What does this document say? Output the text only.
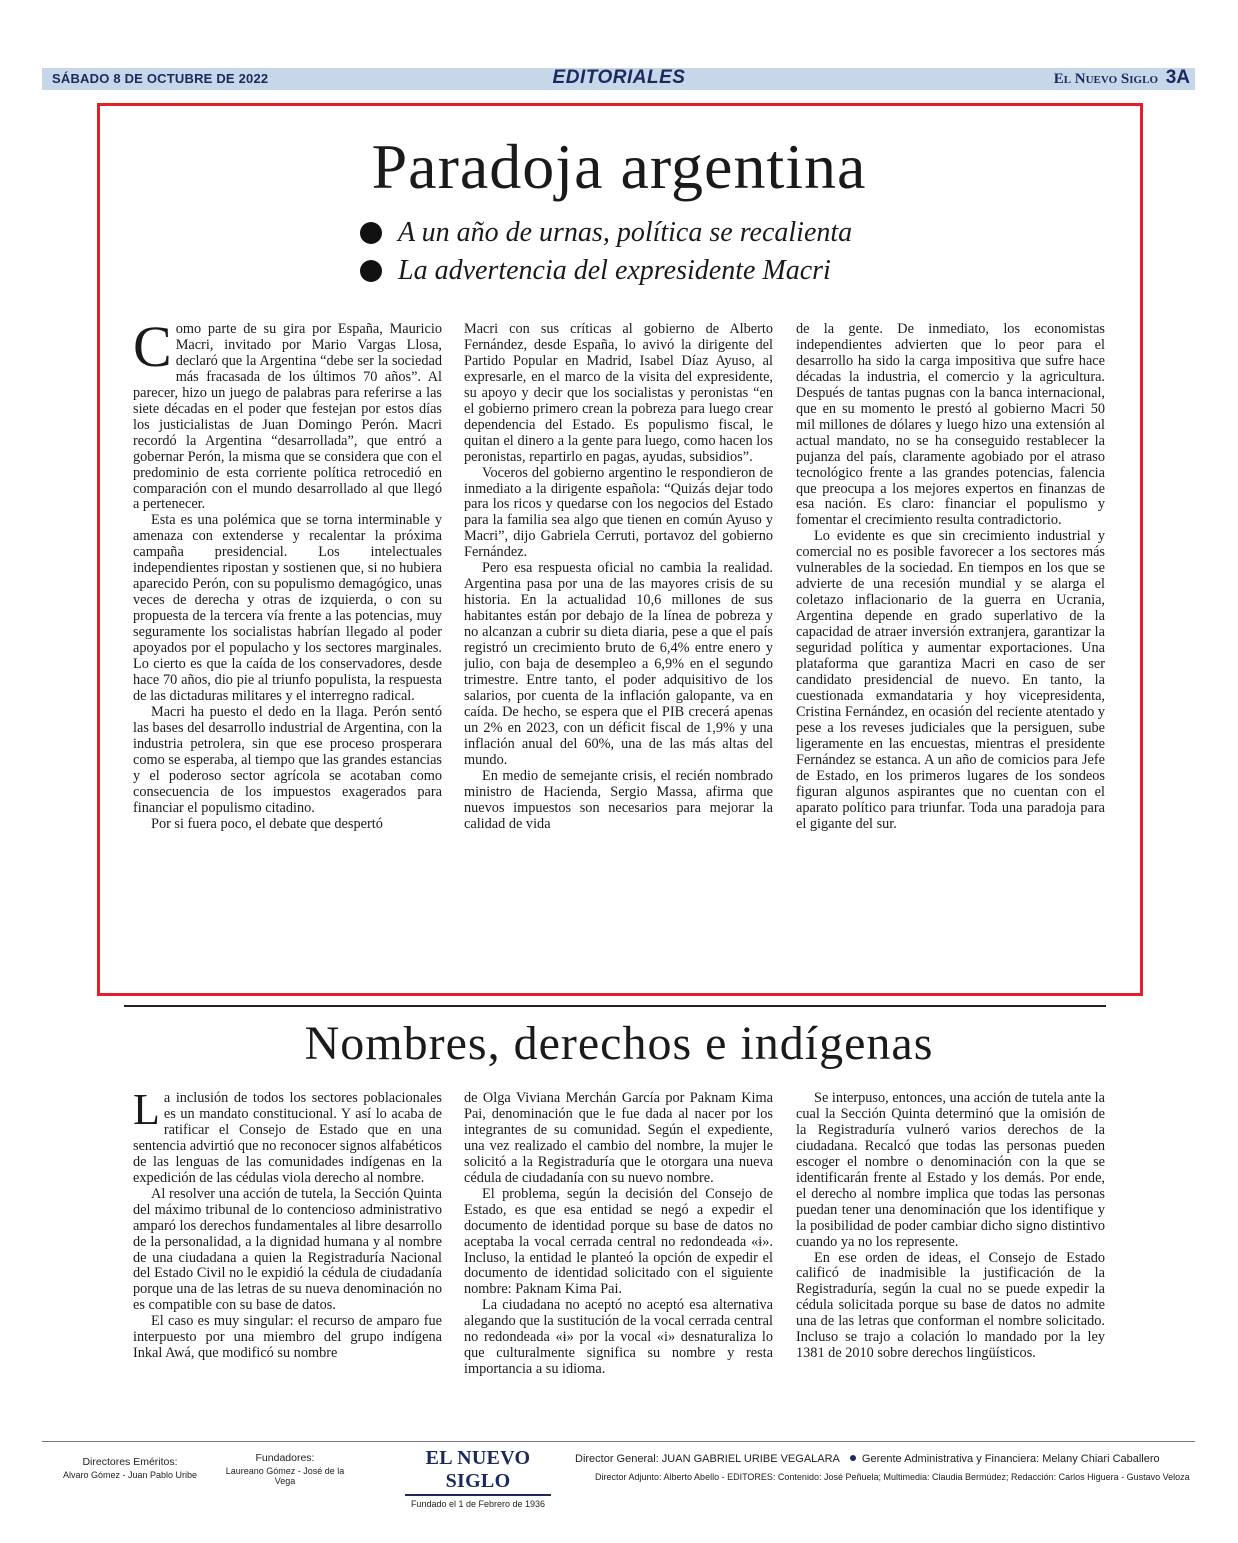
SÁBADO 8 DE OCTUBRE DE 2022	EDITORIALES	El Nuevo Siglo 3A
Paradoja argentina
A un año de urnas, política se recalienta
La advertencia del expresidente Macri

Como parte de su gira por España, Mauricio Macri, invitado por Mario Vargas Llosa, declaró que la Argentina “debe ser la sociedad más fracasada de los últimos 70 años”. Al parecer, hizo un juego de palabras para referirse a las siete décadas en el poder que festejan por estos días los justicialistas de Juan Domingo Perón. Macri recordó la Argentina “desarrollada”, que entró a gobernar Perón, la misma que se considera que con el predominio de esta corriente política retrocedió en comparación con el mundo desarrollado al que llegó a pertenecer.

Esta es una polémica que se torna interminable y amenaza con extenderse y recalentar la próxima campaña presidencial. Los intelectuales independientes ripostan y sostienen que, si no hubiera aparecido Perón, con su populismo demagógico, unas veces de derecha y otras de izquierda, o con su propuesta de la tercera vía frente a las potencias, muy seguramente los socialistas habrían llegado al poder apoyados por el populacho y los sectores marginales. Lo cierto es que la caída de los conservadores, desde hace 70 años, dio pie al triunfo populista, la respuesta de las dictaduras militares y el interregno radical.

Macri ha puesto el dedo en la llaga. Perón sentó las bases del desarrollo industrial de Argentina, con la industria petrolera, sin que ese proceso prosperara como se esperaba, al tiempo que las grandes estancias y el poderoso sector agrícola se acotaban como consecuencia de los impuestos exagerados para financiar el populismo citadino.

Por si fuera poco, el debate que despertó

Macri con sus críticas al gobierno de Alberto Fernández, desde España, lo avivó la dirigente del Partido Popular en Madrid, Isabel Díaz Ayuso, al expresarle, en el marco de la visita del expresidente, su apoyo y decir que los socialistas y peronistas “en el gobierno primero crean la pobreza para luego crear dependencia del Estado. Es populismo fiscal, le quitan el dinero a la gente para luego, como hacen los peronistas, repartirlo en pagas, ayudas, subsidios”.

Voceros del gobierno argentino le respondieron de inmediato a la dirigente española: “Quizás dejar todo para los ricos y quedarse con los negocios del Estado para la familia sea algo que tienen en común Ayuso y Macri”, dijo Gabriela Cerruti, portavoz del gobierno Fernández.

Pero esa respuesta oficial no cambia la realidad. Argentina pasa por una de las mayores crisis de su historia. En la actualidad 10,6 millones de sus habitantes están por debajo de la línea de pobreza y no alcanzan a cubrir su dieta diaria, pese a que el país registró un crecimiento bruto de 6,4% entre enero y julio, con baja de desempleo a 6,9% en el segundo trimestre. Entre tanto, el poder adquisitivo de los salarios, por cuenta de la inflación galopante, va en caída. De hecho, se espera que el PIB crecerá apenas un 2% en 2023, con un déficit fiscal de 1,9% y una inflación anual del 60%, una de las más altas del mundo.

En medio de semejante crisis, el recién nombrado ministro de Hacienda, Sergio Massa, afirma que nuevos impuestos son necesarios para mejorar la calidad de vida

de la gente. De inmediato, los economistas independientes advierten que lo peor para el desarrollo ha sido la carga impositiva que sufre hace décadas la industria, el comercio y la agricultura. Después de tantas pugnas con la banca internacional, que en su momento le prestó al gobierno Macri 50 mil millones de dólares y luego hizo una extensión al actual mandato, no se ha conseguido restablecer la pujanza del país, claramente agobiado por el atraso tecnológico frente a las grandes potencias, falencia que preocupa a los mejores expertos en finanzas de esa nación. Es claro: financiar el populismo y fomentar el crecimiento resulta contradictorio.

Lo evidente es que sin crecimiento industrial y comercial no es posible favorecer a los sectores más vulnerables de la sociedad. En tiempos en los que se advierte de una recesión mundial y se alarga el coletazo inflacionario de la guerra en Ucrania, Argentina depende en grado superlativo de la capacidad de atraer inversión extranjera, garantizar la seguridad política y aumentar exportaciones. Una plataforma que garantiza Macri en caso de ser candidato presidencial de nuevo. En tanto, la cuestionada exmandataria y hoy vicepresidenta, Cristina Fernández, en ocasión del reciente atentado y pese a los reveses judiciales que la persiguen, sube ligeramente en las encuestas, mientras el presidente Fernández se estanca. A un año de comicios para Jefe de Estado, en los primeros lugares de los sondeos figuran algunos aspirantes que no cuentan con el aparato político para triunfar. Toda una paradoja para el gigante del sur.

Nombres, derechos e indígenas

La inclusión de todos los sectores poblacionales es un mandato constitucional. Y así lo acaba de ratificar el Consejo de Estado que en una sentencia advirtió que no reconocer signos alfabéticos de las lenguas de las comunidades indígenas en la expedición de las cédulas viola derecho al nombre.

Al resolver una acción de tutela, la Sección Quinta del máximo tribunal de lo contencioso administrativo amparó los derechos fundamentales al libre desarrollo de la personalidad, a la dignidad humana y al nombre de una ciudadana a quien la Registraduría Nacional del Estado Civil no le expidió la cédula de ciudadanía porque una de las letras de su nueva denominación no es compatible con su base de datos.

El caso es muy singular: el recurso de amparo fue interpuesto por una miembro del grupo indígena Inkal Awá, que modificó su nombre

de Olga Viviana Merchán García por Paknam Kima Pai, denominación que le fue dada al nacer por los integrantes de su comunidad. Según el expediente, una vez realizado el cambio del nombre, la mujer le solicitó a la Registraduría que le otorgara una nueva cédula de ciudadanía con su nuevo nombre.

El problema, según la decisión del Consejo de Estado, es que esa entidad se negó a expedir el documento de identidad porque su base de datos no aceptaba la vocal cerrada central no redondeada «ɨ». Incluso, la entidad le planteó la opción de expedir el documento de identidad solicitado con el siguiente nombre: Paknam Kima Pai.

La ciudadana no aceptó no aceptó esa alternativa alegando que la sustitución de la vocal cerrada central no redondeada «ɨ» por la vocal «i» desnaturaliza lo que culturalmente significa su nombre y resta importancia a su idioma.

Se interpuso, entonces, una acción de tutela ante la cual la Sección Quinta determinó que la omisión de la Registraduría vulneró varios derechos de la ciudadana. Recalcó que todas las personas pueden escoger el nombre o denominación con la que se identificarán frente al Estado y los demás. Por ende, el derecho al nombre implica que todas las personas puedan tener una denominación que los identifique y la posibilidad de poder cambiar dicho signo distintivo cuando ya no los represente.

En ese orden de ideas, el Consejo de Estado calificó de inadmisible la justificación de la Registraduría, según la cual no se puede expedir la cédula solicitada porque su base de datos no admite una de las letras que conforman el nombre solicitado. Incluso se trajo a colación lo mandado por la ley 1381 de 2010 sobre derechos lingüísticos.

Directores Eméritos:
Alvaro Gómez - Juan Pablo Uribe
Fundadores:
Laureano Gómez - José de la Vega
EL NUEVO SIGLO
Fundado el 1 de Febrero de 1936
Director General: JUAN GABRIEL URIBE VEGALARA Gerente Administrativa y Financiera: Melany Chiari Caballero
Director Adjunto: Alberto Abello - EDITORES: Contenido: José Peñuela; Multimedia: Claudia Bermúdez; Redacción: Carlos Higuera - Gustavo Veloza
